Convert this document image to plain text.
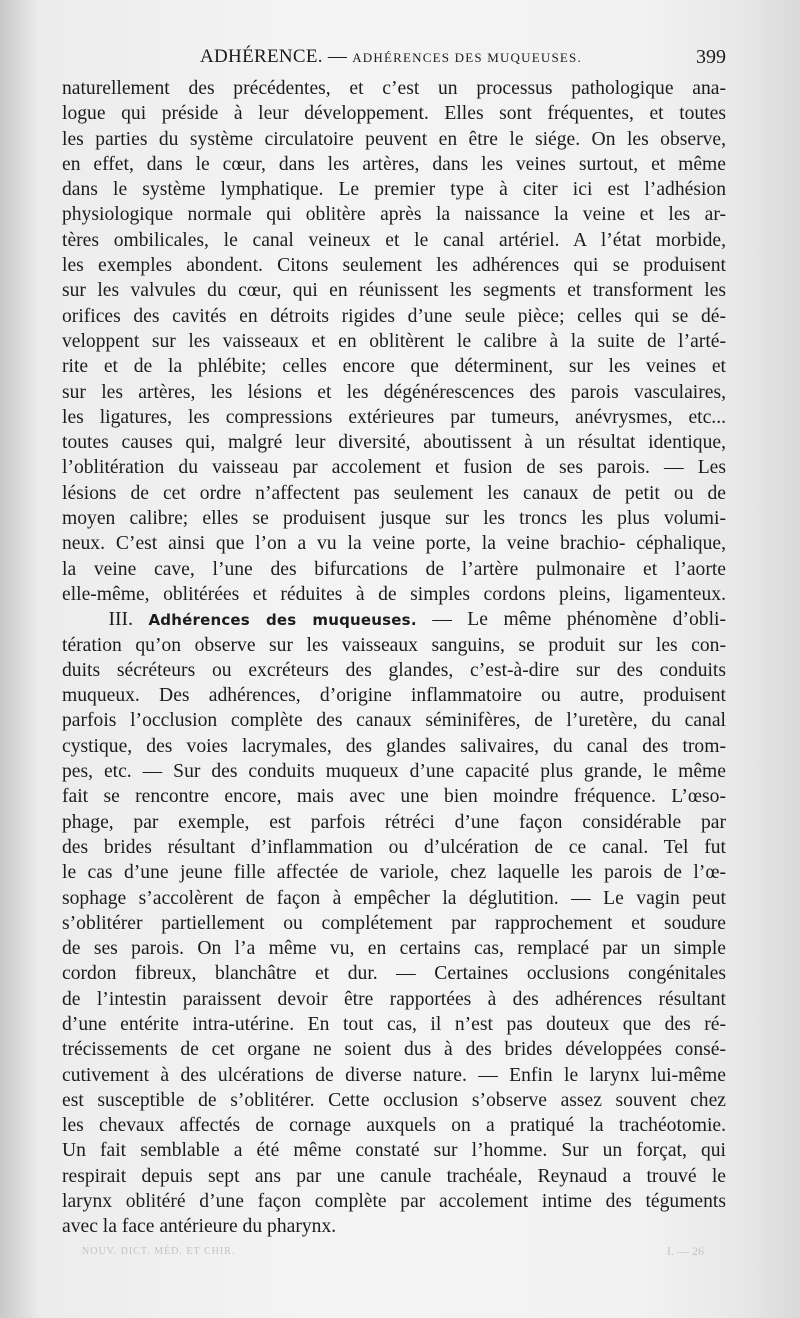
ADHÉRENCE. — ADHÉRENCES DES MUQUEUSES.	399
naturellement des précédentes, et c’est un processus pathologique ana-
logue qui préside à leur développement. Elles sont fréquentes, et toutes
les parties du système circulatoire peuvent en être le siége. On les observe,
en effet, dans le cœur, dans les artères, dans les veines surtout, et même
dans le système lymphatique. Le premier type à citer ici est l’adhésion
physiologique normale qui oblitère après la naissance la veine et les ar-
tères ombilicales, le canal veineux et le canal artériel. A l’état morbide,
les exemples abondent. Citons seulement les adhérences qui se produisent
sur les valvules du cœur, qui en réunissent les segments et transforment les
orifices des cavités en détroits rigides d’une seule pièce; celles qui se dé-
veloppent sur les vaisseaux et en oblitèrent le calibre à la suite de l’arté-
rite et de la phlébite; celles encore que déterminent, sur les veines et
sur les artères, les lésions et les dégénérescences des parois vasculaires,
les ligatures, les compressions extérieures par tumeurs, anévrysmes, etc...
toutes causes qui, malgré leur diversité, aboutissent à un résultat identique,
l’oblitération du vaisseau par accolement et fusion de ses parois. — Les
lésions de cet ordre n’affectent pas seulement les canaux de petit ou de
moyen calibre; elles se produisent jusque sur les troncs les plus volumi-
neux. C’est ainsi que l’on a vu la veine porte, la veine brachio- céphalique,
la veine cave, l’une des bifurcations de l’artère pulmonaire et l’aorte
elle-même, oblitérées et réduites à de simples cordons pleins, ligamenteux.
III. Adhérences des muqueuses. — Le même phénomène d’obli-
tération qu’on observe sur les vaisseaux sanguins, se produit sur les con-
duits sécréteurs ou excréteurs des glandes, c’est-à-dire sur des conduits
muqueux. Des adhérences, d’origine inflammatoire ou autre, produisent
parfois l’occlusion complète des canaux séminifères, de l’uretère, du canal
cystique, des voies lacrymales, des glandes salivaires, du canal des trom-
pes, etc. — Sur des conduits muqueux d’une capacité plus grande, le même
fait se rencontre encore, mais avec une bien moindre fréquence. L’œso-
phage, par exemple, est parfois rétréci d’une façon considérable par
des brides résultant d’inflammation ou d’ulcération de ce canal. Tel fut
le cas d’une jeune fille affectée de variole, chez laquelle les parois de l’œ-
sophage s’accolèrent de façon à empêcher la déglutition. — Le vagin peut
s’oblitérer partiellement ou complétement par rapprochement et soudure
de ses parois. On l’a même vu, en certains cas, remplacé par un simple
cordon fibreux, blanchâtre et dur. — Certaines occlusions congénitales
de l’intestin paraissent devoir être rapportées à des adhérences résultant
d’une entérite intra-utérine. En tout cas, il n’est pas douteux que des ré-
trécissements de cet organe ne soient dus à des brides développées consé-
cutivement à des ulcérations de diverse nature. — Enfin le larynx lui-même
est susceptible de s’oblitérer. Cette occlusion s’observe assez souvent chez
les chevaux affectés de cornage auxquels on a pratiqué la trachéotomie.
Un fait semblable a été même constaté sur l’homme. Sur un forçat, qui
respirait depuis sept ans par une canule trachéale, Reynaud a trouvé le
larynx oblitéré d’une façon complète par accolement intime des téguments
avec la face antérieure du pharynx.
NOUV. DICT. MÉD. ET CHIR.	I. — 26
